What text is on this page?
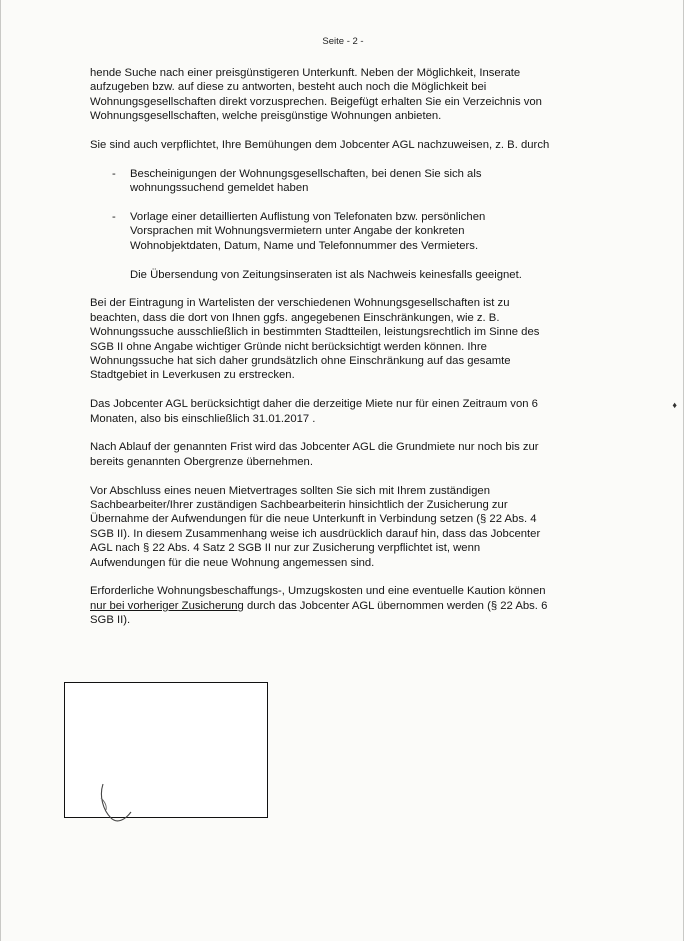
Seite - 2 -

hende Suche nach einer preisgünstigeren Unterkunft. Neben der Möglichkeit, Inserate aufzugeben bzw. auf diese zu antworten, besteht auch noch die Möglichkeit bei Wohnungsgesellschaften direkt vorzusprechen. Beigefügt erhalten Sie ein Verzeichnis von Wohnungsgesellschaften, welche preisgünstige Wohnungen anbieten.

Sie sind auch verpflichtet, Ihre Bemühungen dem Jobcenter AGL nachzuweisen, z. B. durch

- Bescheinigungen der Wohnungsgesellschaften, bei denen Sie sich als wohnungssuchend gemeldet haben
- Vorlage einer detaillierten Auflistung von Telefonaten bzw. persönlichen Vorsprachen mit Wohnungsvermietern unter Angabe der konkreten Wohnobjektdaten, Datum, Name und Telefonnummer des Vermieters.
Die Übersendung von Zeitungsinseraten ist als Nachweis keinesfalls geeignet.

Bei der Eintragung in Wartelisten der verschiedenen Wohnungsgesellschaften ist zu beachten, dass die dort von Ihnen ggfs. angegebenen Einschränkungen, wie z. B. Wohnungssuche ausschließlich in bestimmten Stadtteilen, leistungsrechtlich im Sinne des SGB II ohne Angabe wichtiger Gründe nicht berücksichtigt werden können. Ihre Wohnungssuche hat sich daher grundsätzlich ohne Einschränkung auf das gesamte Stadtgebiet in Leverkusen zu erstrecken.

Das Jobcenter AGL berücksichtigt daher die derzeitige Miete nur für einen Zeitraum von 6 Monaten, also bis einschließlich 31.01.2017 .

Nach Ablauf der genannten Frist wird das Jobcenter AGL die Grundmiete nur noch bis zur bereits genannten Obergrenze übernehmen.

Vor Abschluss eines neuen Mietvertrages sollten Sie sich mit Ihrem zuständigen Sachbearbeiter/Ihrer zuständigen Sachbearbeiterin hinsichtlich der Zusicherung zur Übernahme der Aufwendungen für die neue Unterkunft in Verbindung setzen (§ 22 Abs. 4 SGB II). In diesem Zusammenhang weise ich ausdrücklich darauf hin, dass das Jobcenter AGL nach § 22 Abs. 4 Satz 2 SGB II nur zur Zusicherung verpflichtet ist, wenn Aufwendungen für die neue Wohnung angemessen sind.

Erforderliche Wohnungsbeschaffungs-, Umzugskosten und eine eventuelle Kaution können nur bei vorheriger Zusicherung durch das Jobcenter AGL übernommen werden (§ 22 Abs. 6 SGB II).

♦
